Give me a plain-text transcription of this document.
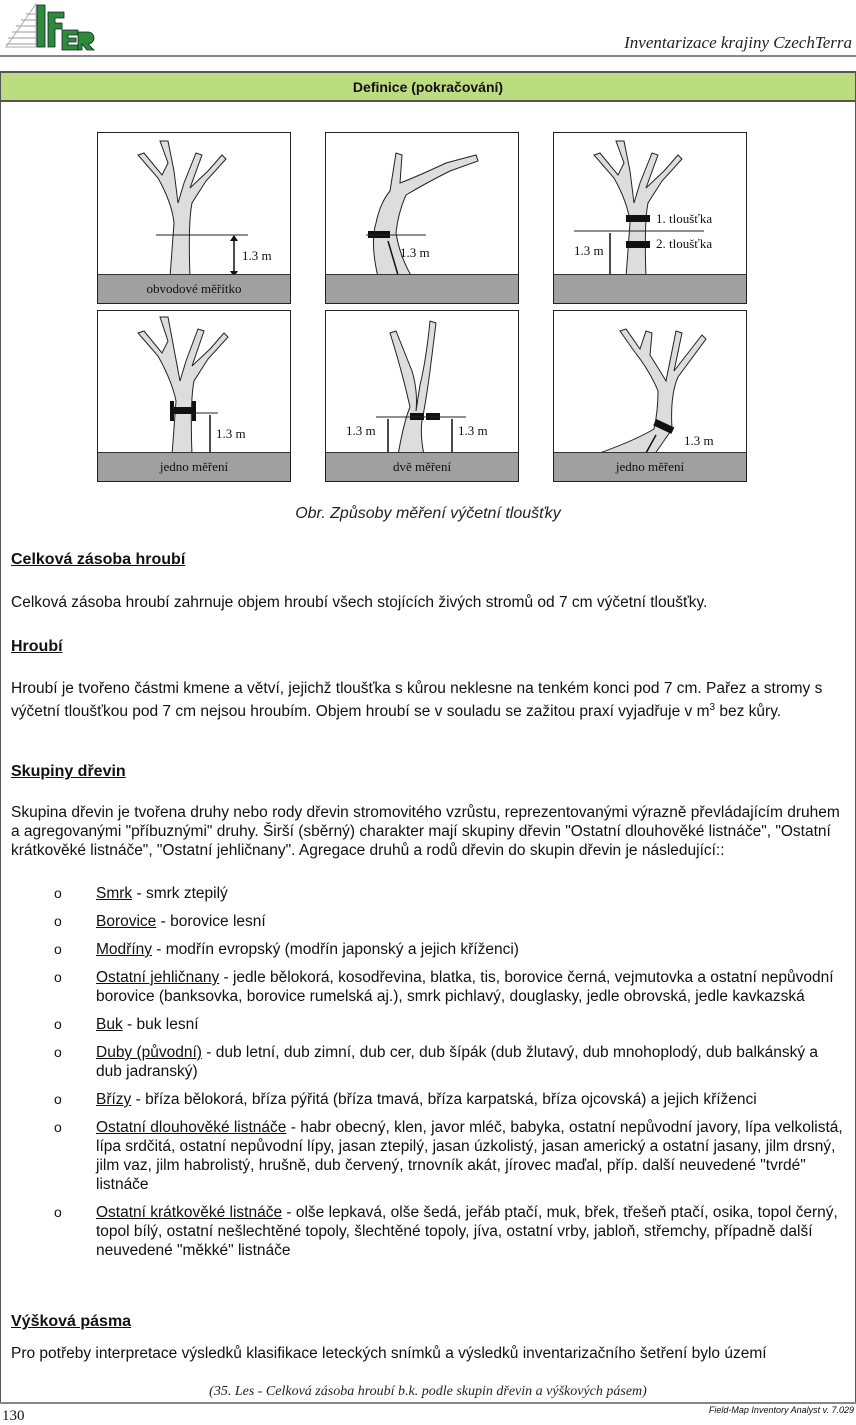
Inventarizace krajiny CzechTerra
Definice (pokračování)
1.3 m
obvodové měřítko
1.3 m
1. tloušťka
2. tloušťka
1.3 m
1.3 m
jedno měření
1.3 m	1.3 m
dvě měření
1.3 m
jedno měření
Obr. Způsoby měření výčetní tloušťky
Celková zásoba hroubí
Celková zásoba hroubí zahrnuje objem hroubí všech stojících živých stromů od 7 cm výčetní tloušťky.
Hroubí
Hroubí je tvořeno částmi kmene a větví, jejichž tloušťka s kůrou neklesne na tenkém konci pod 7 cm. Pařez a stromy s výčetní tloušťkou pod 7 cm nejsou hroubím. Objem hroubí se v souladu se zažitou praxí vyjadřuje v $m^3$ bez kůry.
Skupiny dřevin
Skupina dřevin je tvořena druhy nebo rody dřevin stromovitého vzrůstu, reprezentovanými výrazně převládajícím druhem a agregovanými "příbuznými" druhy. Širší (sběrný) charakter mají skupiny dřevin "Ostatní dlouhověké listnáče", "Ostatní krátkověké listnáče", "Ostatní jehličnany". Agregace druhů a rodů dřevin do skupin dřevin je následující::
o	Smrk - smrk ztepilý
o	Borovice - borovice lesní
o	Modříny - modřín evropský (modřín japonský a jejich kříženci)
o	Ostatní jehličnany - jedle bělokorá, kosodřevina, blatka, tis, borovice černá, vejmutovka a ostatní nepůvodní borovice (banksovka, borovice rumelská aj.), smrk pichlavý, douglasky, jedle obrovská, jedle kavkazská
o	Buk - buk lesní
o	Duby (původní) - dub letní, dub zimní, dub cer, dub šípák (dub žlutavý, dub mnohoplodý, dub balkánský a dub jadranský)
o	Břízy - bříza bělokorá, bříza pýřitá (bříza tmavá, bříza karpatská, bříza ojcovská) a jejich kříženci
o	Ostatní dlouhověké listnáče - habr obecný, klen, javor mléč, babyka, ostatní nepůvodní javory, lípa velkolistá, lípa srdčitá, ostatní nepůvodní lípy, jasan ztepilý, jasan úzkolistý, jasan americký a ostatní jasany, jilm drsný, jilm vaz, jilm habrolistý, hrušně, dub červený, trnovník akát, jírovec maďal, příp. další neuvedené "tvrdé" listnáče
o	Ostatní krátkověké listnáče - olše lepkavá, olše šedá, jeřáb ptačí, muk, břek, třešeň ptačí, osika, topol černý, topol bílý, ostatní nešlechtěné topoly, šlechtěné topoly, jíva, ostatní vrby, jabloň, střemchy, případně další neuvedené "měkké" listnáče
Výšková pásma
Pro potřeby interpretace výsledků klasifikace leteckých snímků a výsledků inventarizačního šetření bylo území
(35. Les - Celková zásoba hroubí b.k. podle skupin dřevin a výškových pásem)
130	Field-Map Inventory Analyst v. 7.029
